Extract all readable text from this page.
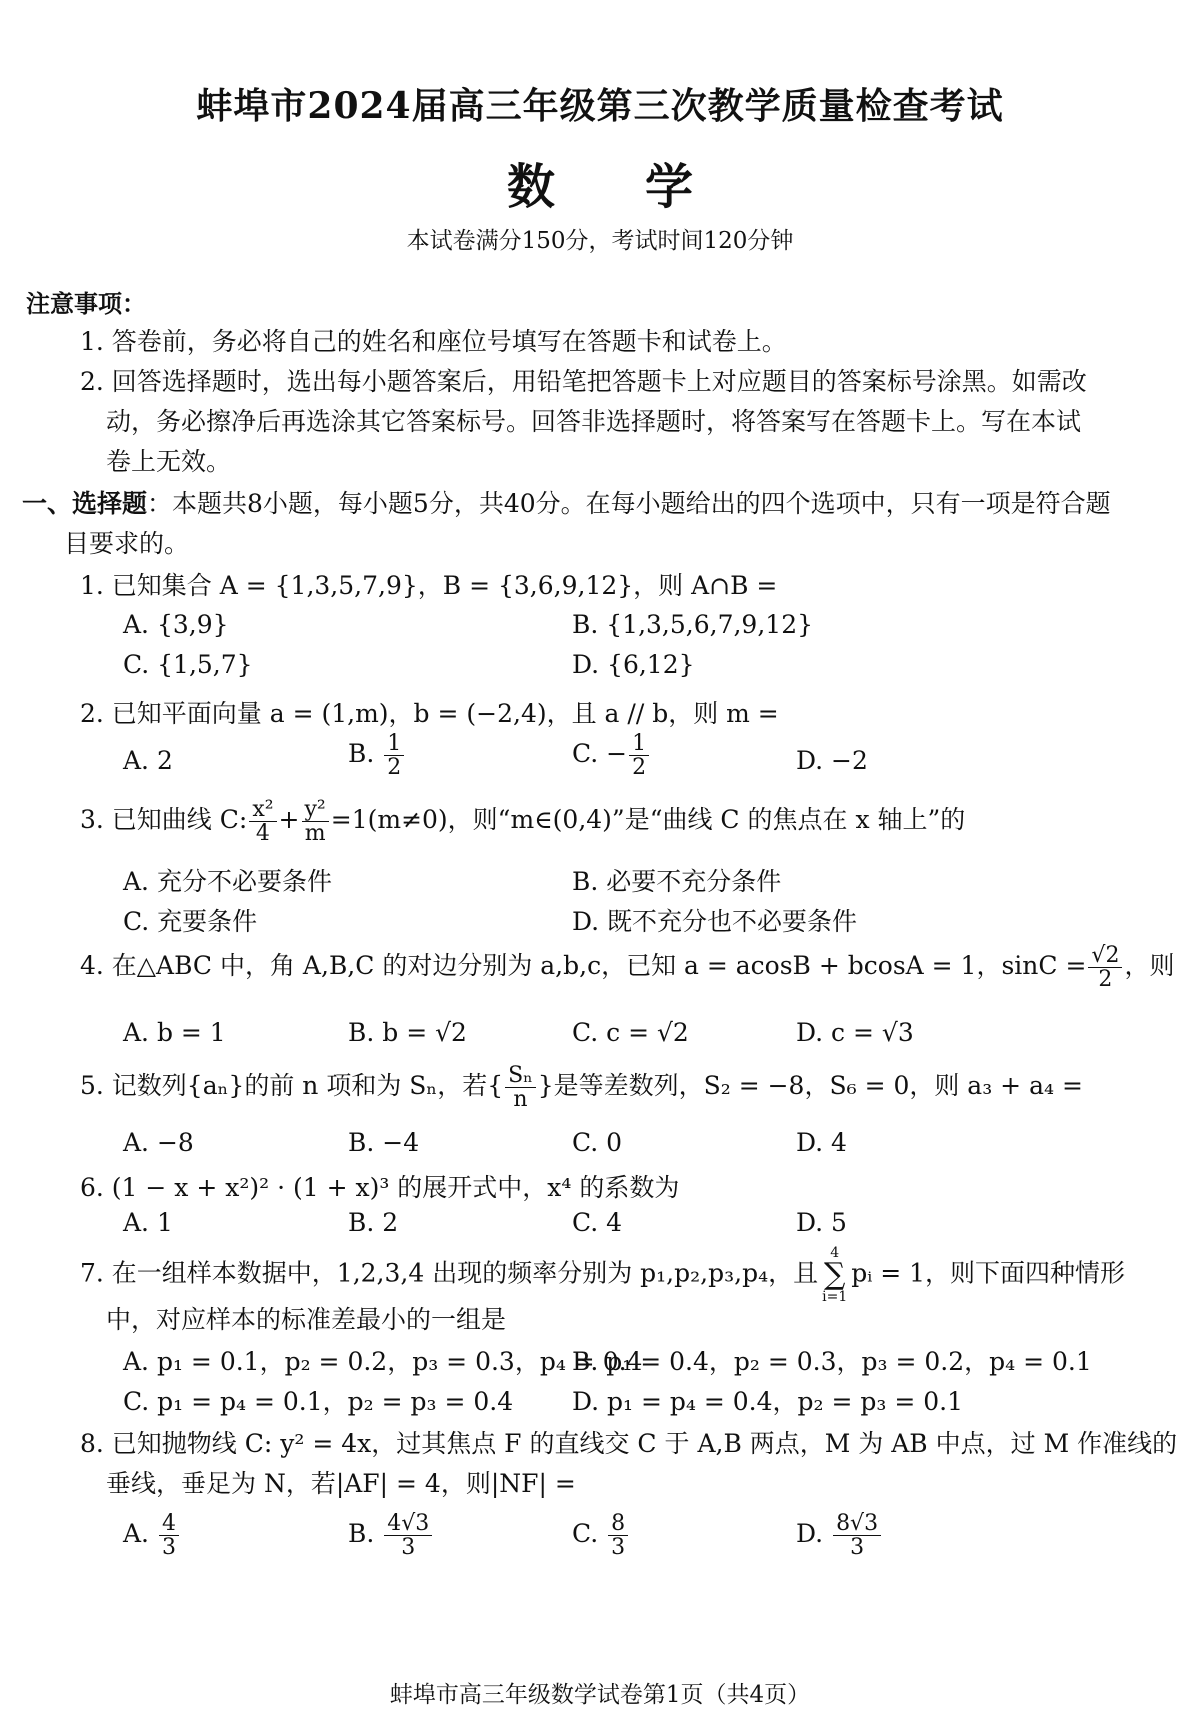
蚌埠市2024届高三年级第三次教学质量检查考试
数学
本试卷满分150分，考试时间120分钟
注意事项：
1. 答卷前，务必将自己的姓名和座位号填写在答题卡和试卷上。
2. 回答选择题时，选出每小题答案后，用铅笔把答题卡上对应题目的答案标号涂黑。如需改
动，务必擦净后再选涂其它答案标号。回答非选择题时，将答案写在答题卡上。写在本试
卷上无效。
一、选择题：本题共8小题，每小题5分，共40分。在每小题给出的四个选项中，只有一项是符合题
目要求的。
1. 已知集合 A = {1,3,5,7,9}，B = {3,6,9,12}，则 A∩B =
A. {3,9}	B. {1,3,5,6,7,9,12}
C. {1,5,7}	D. {6,12}
2. 已知平面向量 a = (1,m)，b = (−2,4)，且 a // b，则 m =
A. 2	B. $\frac{1}{2}$	C. − $\frac{1}{2}$	D. −2
3. 已知曲线 C: $\frac{\text{x²}}{4} + \frac{\text{y²}}{m} =1(m\ne 0)$，则“m∈(0,4)”是“曲线 C 的焦点在 x 轴上”的
A. 充分不必要条件	B. 必要不充分条件
C. 充要条件	D. 既不充分也不必要条件
4. 在△ABC 中，角 A,B,C 的对边分别为 a,b,c，已知 a = acosB + bcosA = 1，$\sin C = \frac{√2}{2}$ ，则
A. b = 1	B. b = √2	C. c = √2	D. c = √3
5. 记数列{aₙ}的前 n 项和为 Sₙ，若{ $\frac{\text{Sₙ}}{n}$ }是等差数列，S₂ = −8，S₆ = 0，则 a₃ + a₄ =
A. −8	B. −4	C. 0	D. 4
6. (1 − x + x²)² · (1 + x)³ 的展开式中，x⁴ 的系数为
A. 1	B. 2	C. 4	D. 5
7. 在一组样本数据中，1,2,3,4 出现的频率分别为 p₁,p₂,p₃,p₄，且4
∑
i=1pᵢ = 1，则下面四种情形
中，对应样本的标准差最小的一组是
A. p₁ = 0.1，p₂ = 0.2，p₃ = 0.3，p₄ = 0.4
B. p₁ = 0.4，p₂ = 0.3，p₃ = 0.2，p₄ = 0.1
C. p₁ = p₄ = 0.1，p₂ = p₃ = 0.4 D. p₁ = p₄ = 0.4，p₂ = p₃ = 0.1
8. 已知抛物线 C: y² = 4x，过其焦点 F 的直线交 C 于 A,B 两点，M 为 AB 中点，过 M 作准线的
垂线，垂足为 N，若|AF| = 4，则|NF| =
A. $\frac{4}{3}$	B. $\frac{4√3}{3}$	C. $\frac{8}{3}$	D. $\frac{8√3}{3}$
蚌埠市高三年级数学试卷第1页（共4页）
